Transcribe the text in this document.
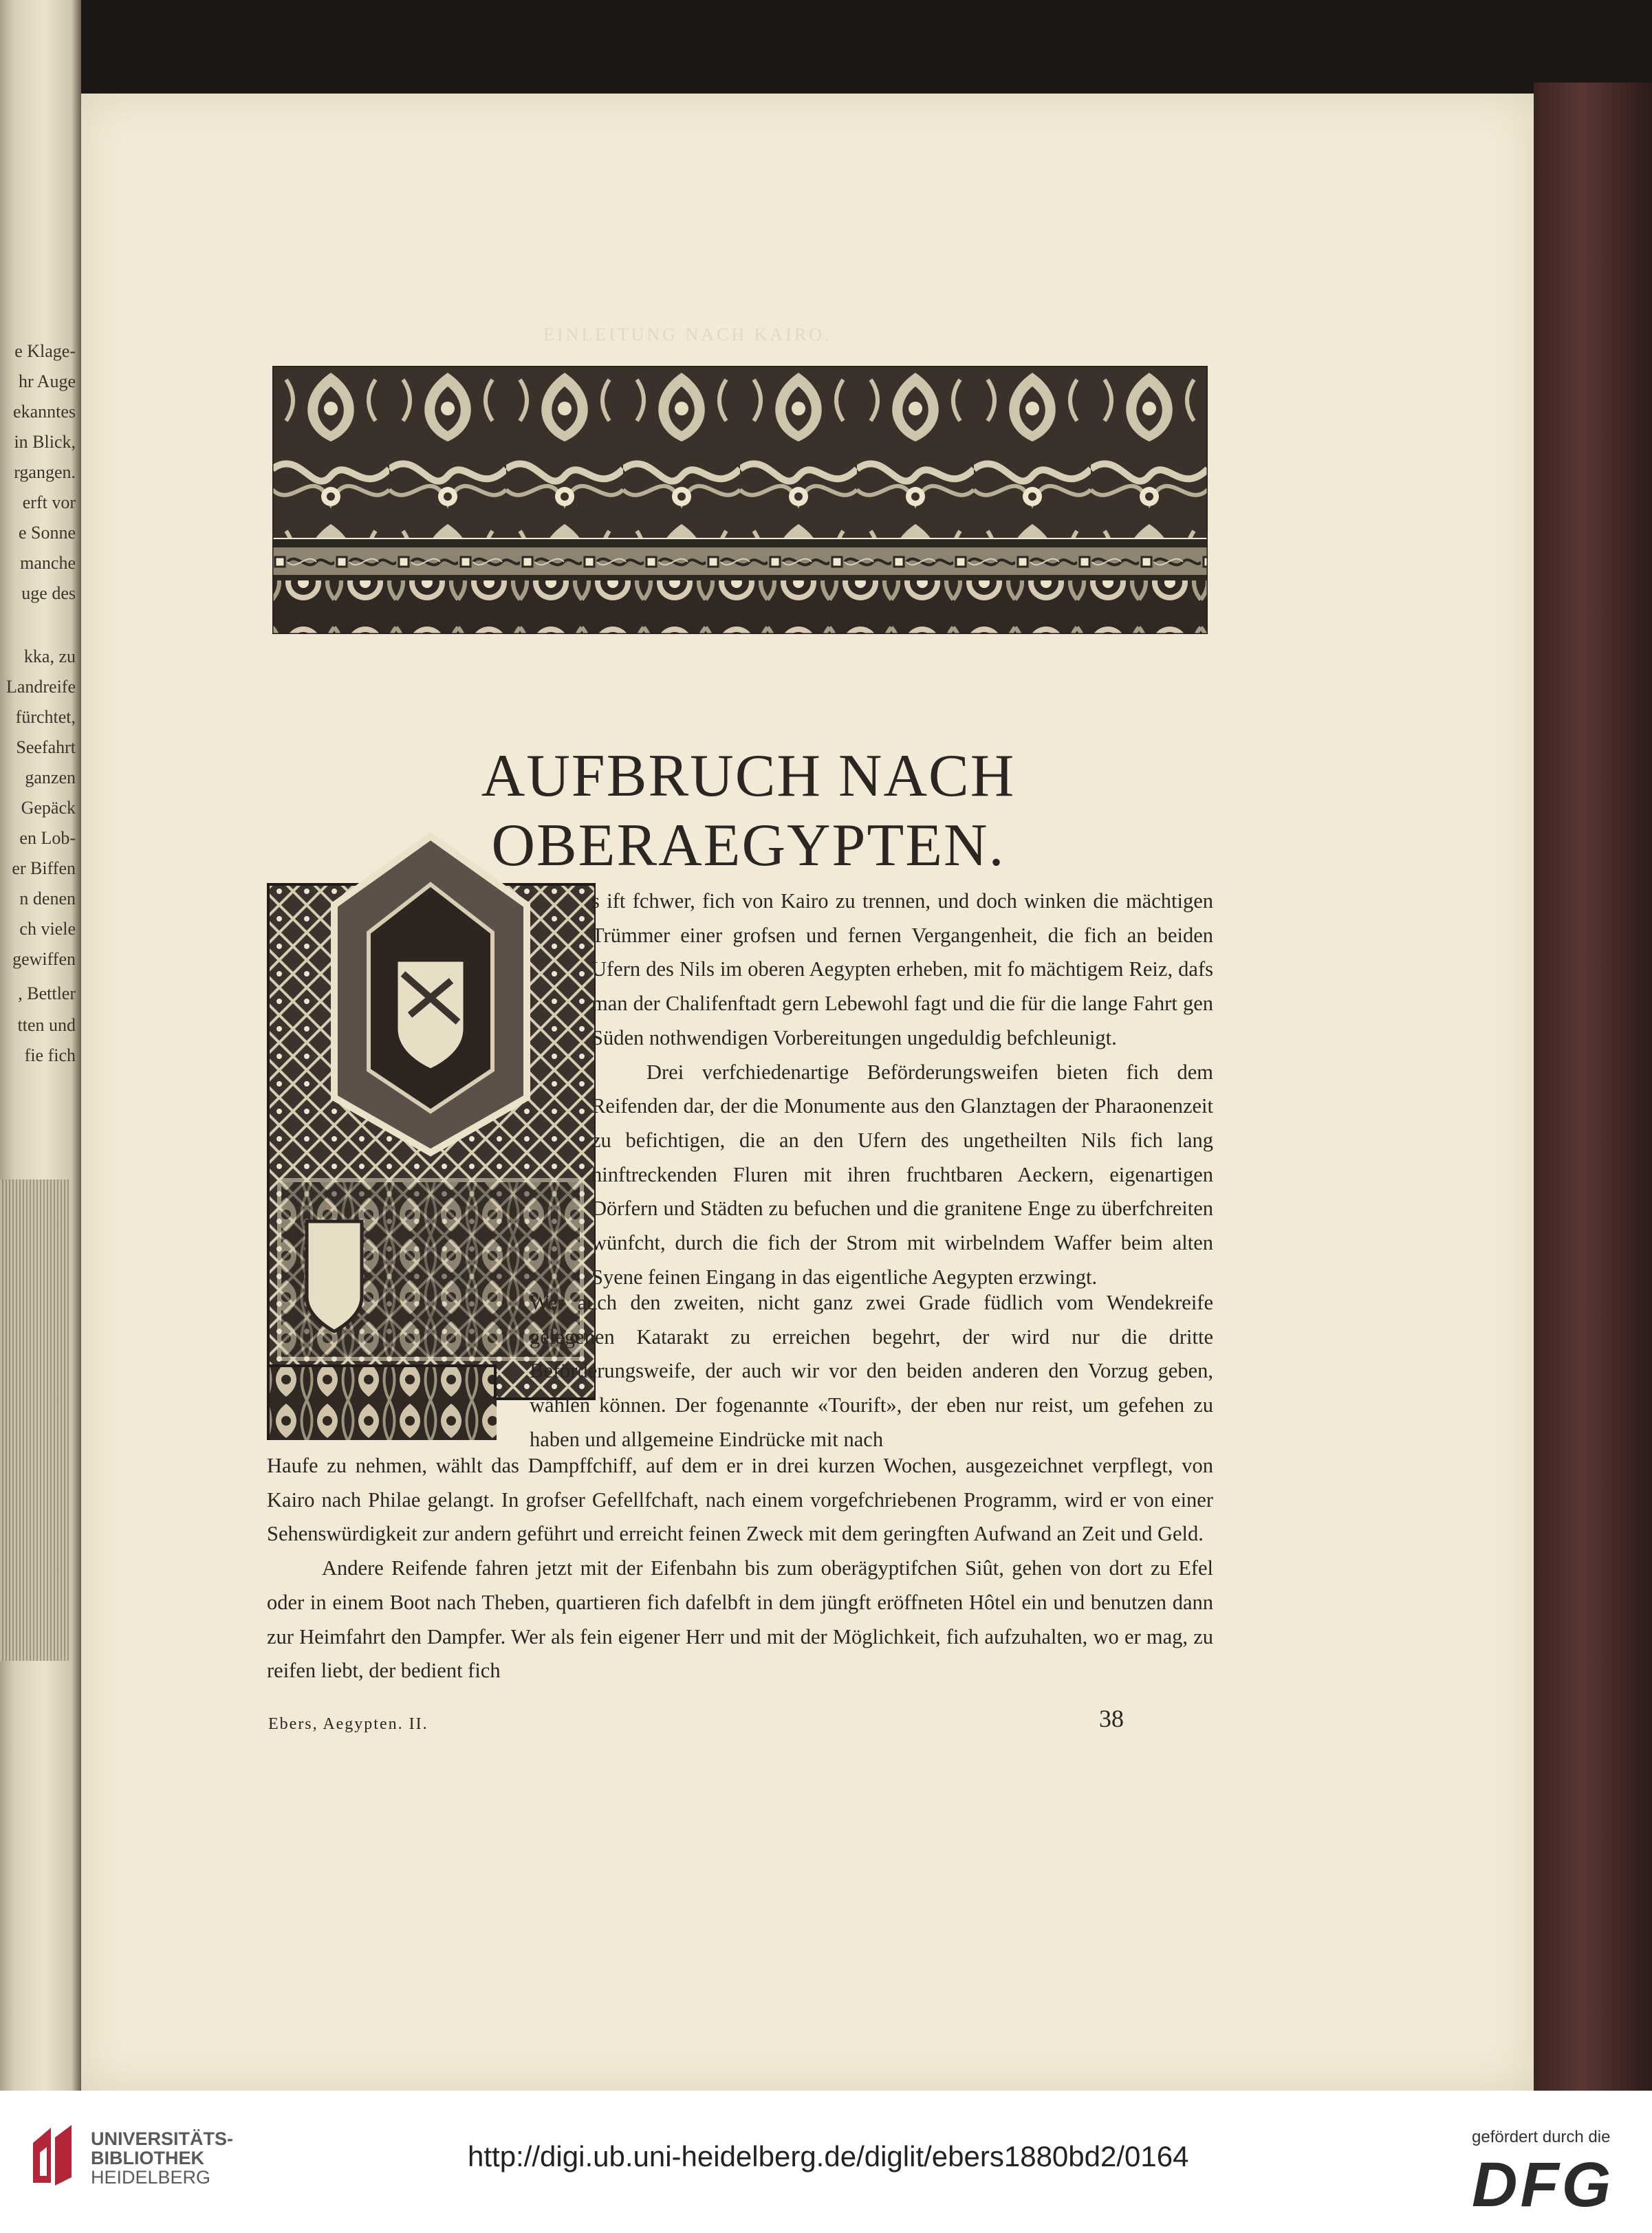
e Klage-
hr Auge
ekanntes
in Blick,
rgangen.
erft vor
e Sonne
manche
uge des
kka, zu
Landreife
fürchtet,
Seefahrt
ganzen
Gepäck
en Lob-
er Biffen
n denen
ch viele
gewiffen
, Bettler
tten und
fie fich
EINLEITUNG NACH KAIRO.
AUFBRUCH NACH OBERAEGYPTEN.

s ift fchwer, fich von Kairo zu trennen, und doch winken die mächtigen Trümmer einer grofsen und fernen Vergangenheit, die fich an beiden Ufern des Nils im oberen Aegypten erheben, mit fo mächtigem Reiz, dafs man der Chalifenftadt gern Lebewohl fagt und die für die lange Fahrt gen Süden nothwendigen Vorbereitungen ungeduldig befchleunigt.

Drei verfchiedenartige Beförderungsweifen bieten fich dem Reifenden dar, der die Monumente aus den Glanztagen der Pharaonenzeit zu befichtigen, die an den Ufern des ungetheilten Nils fich lang hinftreckenden Fluren mit ihren fruchtbaren Aeckern, eigenartigen Dörfern und Städten zu befuchen und die granitene Enge zu überfchreiten wünfcht, durch die fich der Strom mit wirbelndem Waffer beim alten Syene feinen Eingang in das eigentliche Aegypten erzwingt.

Wer auch den zweiten, nicht ganz zwei Grade füdlich vom Wendekreife gelegenen Katarakt zu erreichen begehrt, der wird nur die dritte Beförderungsweife, der auch wir vor den beiden anderen den Vorzug geben, wählen können. Der fogenannte «Tourift», der eben nur reist, um gefehen zu haben und allgemeine Eindrücke mit nach

Haufe zu nehmen, wählt das Dampffchiff, auf dem er in drei kurzen Wochen, ausgezeichnet verpflegt, von Kairo nach Philae gelangt. In grofser Gefellfchaft, nach einem vorgefchriebenen Programm, wird er von einer Sehenswürdigkeit zur andern geführt und erreicht feinen Zweck mit dem geringften Aufwand an Zeit und Geld.

Andere Reifende fahren jetzt mit der Eifenbahn bis zum oberägyptifchen Siût, gehen von dort zu Efel oder in einem Boot nach Theben, quartieren fich dafelbft in dem jüngft eröffneten Hôtel ein und benutzen dann zur Heimfahrt den Dampfer. Wer als fein eigener Herr und mit der Möglichkeit, fich aufzuhalten, wo er mag, zu reifen liebt, der bedient fich

Ebers, Aegypten. II.	38
UNIVERSITÄTS-
BIBLIOTHEK
HEIDELBERG
http://digi.ub.uni-heidelberg.de/diglit/ebers1880bd2/0164
gefördert durch die
DFG
